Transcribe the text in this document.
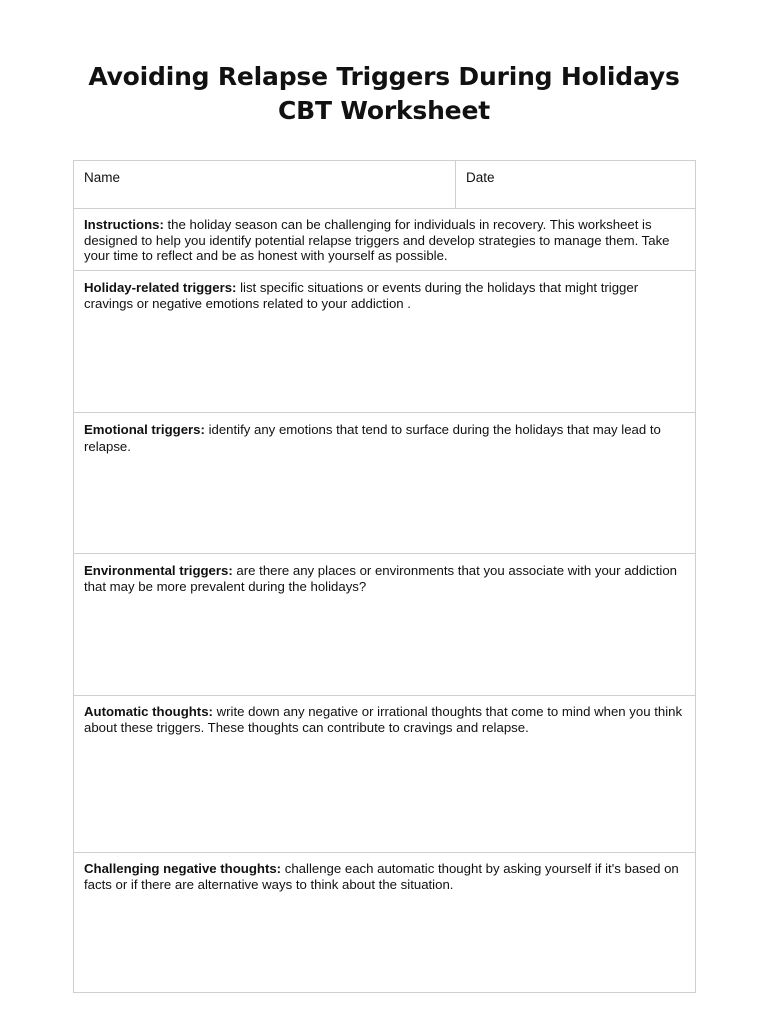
Avoiding Relapse Triggers During Holidays
CBT Worksheet
Name	Date
Instructions: the holiday season can be challenging for individuals in recovery. This worksheet is designed to help you identify potential relapse triggers and develop strategies to manage them. Take your time to reflect and be as honest with yourself as possible.
Holiday-related triggers: list specific situations or events during the holidays that might trigger cravings or negative emotions related to your addiction .
Emotional triggers: identify any emotions that tend to surface during the holidays that may lead to relapse.
Environmental triggers: are there any places or environments that you associate with your addiction that may be more prevalent during the holidays?
Automatic thoughts: write down any negative or irrational thoughts that come to mind when you think about these triggers. These thoughts can contribute to cravings and relapse.
Challenging negative thoughts: challenge each automatic thought by asking yourself if it's based on facts or if there are alternative ways to think about the situation.
